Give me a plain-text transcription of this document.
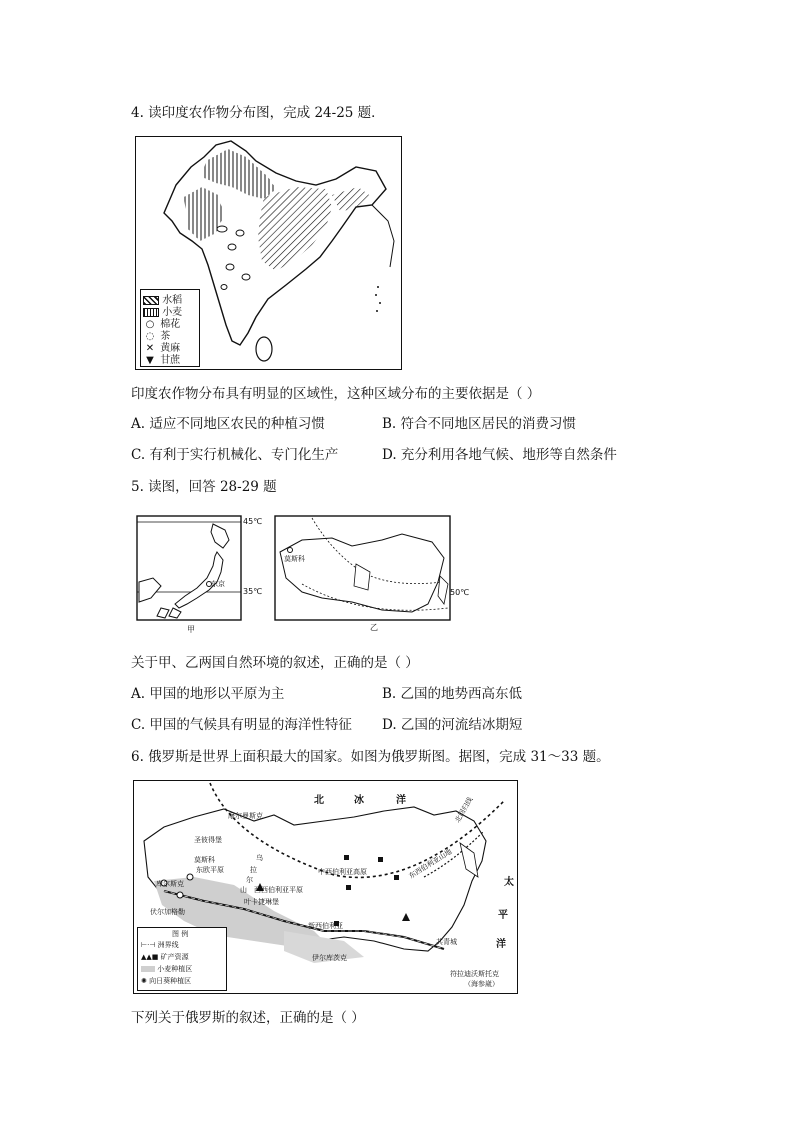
4. 读印度农作物分布图，完成 24-25 题．
水稻
小麦
○ 棉花
◌ 茶
✕ 黄麻
▼ 甘蔗
印度农作物分布具有明显的区域性，这种区域分布的主要依据是（ ）
A. 适应不同地区农民的种植习惯	B. 符合不同地区居民的消费习惯
C. 有利于实行机械化、专门化生产	D. 充分利用各地气候、地形等自然条件
5. 读图，回答 28-29 题
45℃
35℃
东京
甲
莫斯科
50℃
乙
关于甲、乙两国自然环境的叙述，正确的是（ ）
A. 甲国的地形以平原为主	B. 乙国的地势西高东低
C. 甲国的气候具有明显的海洋性特征 D. 乙国的河流结冰期短
6. 俄罗斯是世界上面积最大的国家。如图为俄罗斯图。据图，完成 31～33 题。
北	冰	洋
太
平
洋
北回归线
摩尔曼斯克
圣彼得堡
莫斯科
东欧平原
乌
拉
尔
山 西西伯利亚平原
中西伯利亚高原	东西伯利亚山地
库尔斯克
伏尔加格勒
叶卡捷琳堡
新西伯利亚
伊尔库茨克
共青城
符拉迪沃斯托克
（海参崴）
图 例
⊢·⊣ 洲界线
▲▲■ 矿产资源
小麦种植区
✺ 向日葵种植区
下列关于俄罗斯的叙述，正确的是（ ）
